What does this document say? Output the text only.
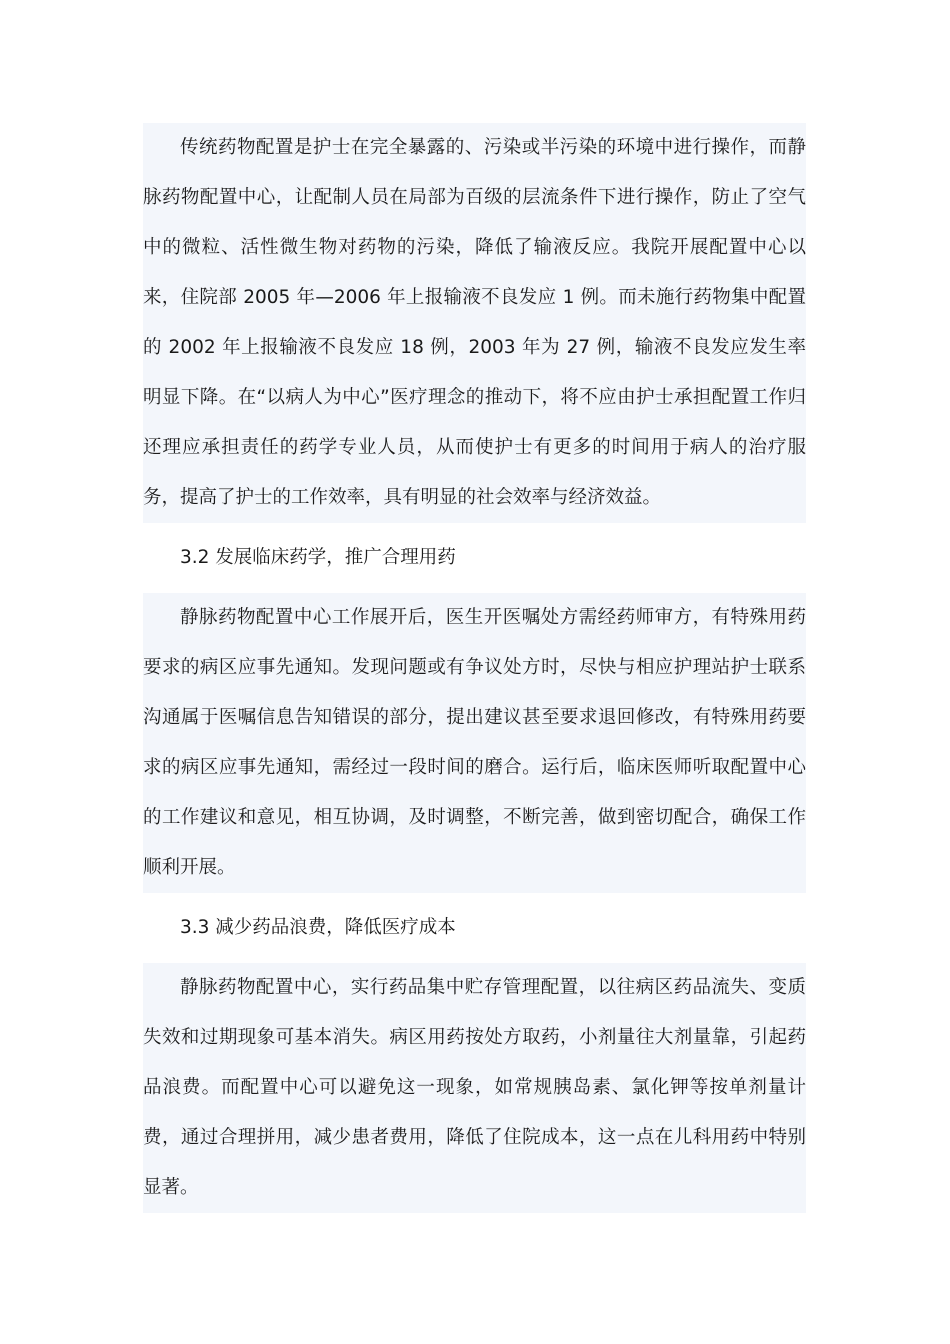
传统药物配置是护士在完全暴露的、污染或半污染的环境中进行操作，而静脉药物配置中心，让配制人员在局部为百级的层流条件下进行操作，防止了空气中的微粒、活性微生物对药物的污染，降低了输液反应。我院开展配置中心以来，住院部 2005 年—2006 年上报输液不良发应 1 例。而未施行药物集中配置的 2002 年上报输液不良发应 18 例，2003 年为 27 例，输液不良发应发生率明显下降。在“以病人为中心”医疗理念的推动下，将不应由护士承担配置工作归还理应承担责任的药学专业人员，从而使护士有更多的时间用于病人的治疗服务，提高了护士的工作效率，具有明显的社会效率与经济效益。

3.2 发展临床药学，推广合理用药

静脉药物配置中心工作展开后，医生开医嘱处方需经药师审方，有特殊用药要求的病区应事先通知。发现问题或有争议处方时，尽快与相应护理站护士联系沟通属于医嘱信息告知错误的部分，提出建议甚至要求退回修改，有特殊用药要求的病区应事先通知，需经过一段时间的磨合。运行后，临床医师听取配置中心的工作建议和意见，相互协调，及时调整，不断完善，做到密切配合，确保工作顺利开展。

3.3 减少药品浪费，降低医疗成本

静脉药物配置中心，实行药品集中贮存管理配置，以往病区药品流失、变质失效和过期现象可基本消失。病区用药按处方取药，小剂量往大剂量靠，引起药品浪费。而配置中心可以避免这一现象，如常规胰岛素、氯化钾等按单剂量计费，通过合理拼用，减少患者费用，降低了住院成本，这一点在儿科用药中特别显著。
